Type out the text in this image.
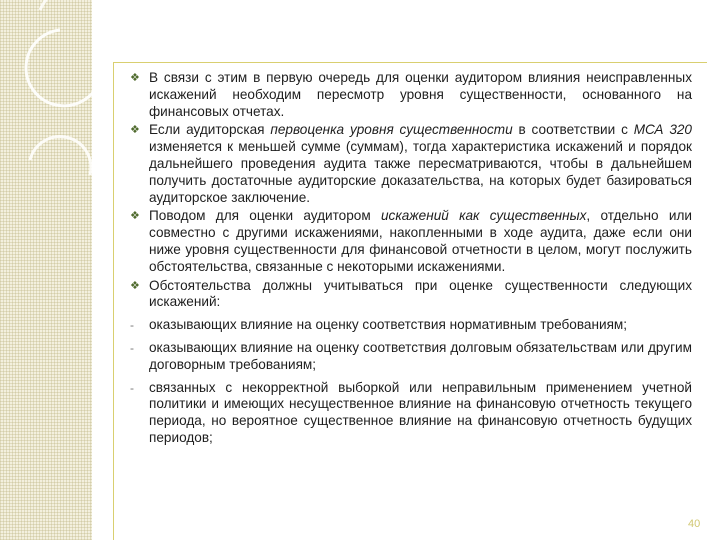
❖ В связи с этим в первую очередь для оценки аудитором влияния неисправленных искажений необходим пересмотр уровня существенности, основанного на финансовых отчетах.

❖ Если аудиторская первоценка уровня существенности в соответствии с МСА 320 изменяется к меньшей сумме (суммам), тогда характеристика искажений и порядок дальнейшего проведения аудита также пересматриваются, чтобы в дальнейшем получить достаточные аудиторские доказательства, на которых будет базироваться аудиторское заключение.

❖ Поводом для оценки аудитором искажений как существенных, отдельно или совместно с другими искажениями, накопленными в ходе аудита, даже если они ниже уровня существенности для финансовой отчетности в целом, могут послужить обстоятельства, связанные с некоторыми искажениями.

❖ Обстоятельства должны учитываться при оценке существенности следующих искажений:

-	оказывающих влияние на оценку соответствия нормативным требованиям;

-	оказывающих влияние на оценку соответствия долговым обязательствам или другим договорным требованиям;

-	связанных с некорректной выборкой или неправильным применением учетной политики и имеющих несущественное влияние на финансовую отчетность текущего периода, но вероятное существенное влияние на финансовую отчетность будущих периодов;

40
